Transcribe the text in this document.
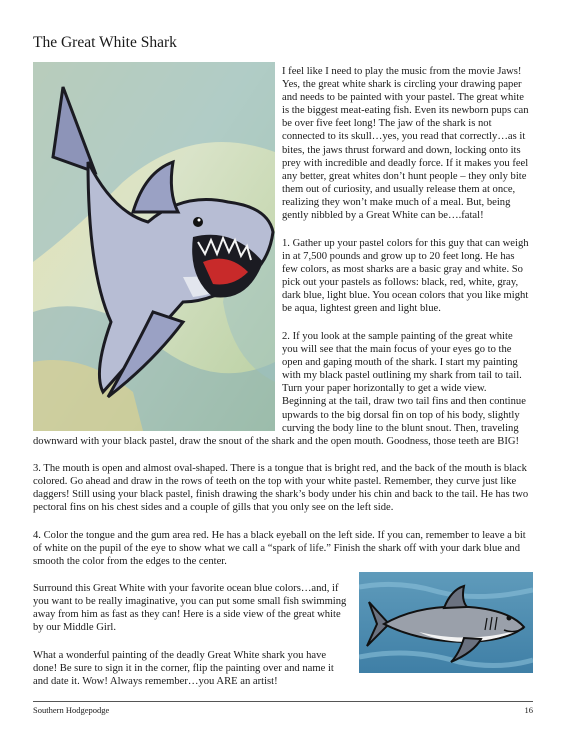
The Great White Shark

I feel like I need to play the music from the movie Jaws! Yes, the great white shark is circling your drawing paper and needs to be painted with your pastel. The great white is the biggest meat-eating fish. Even its newborn pups can be over five feet long! The jaw of the shark is not connected to its skull…yes, you read that correctly…as it bites, the jaws thrust forward and down, locking onto its prey with incredible and deadly force. If it makes you feel any better, great whites don’t hunt people – they only bite them out of curiosity, and usually release them at once, realizing they won’t make much of a meal. But, being gently nibbled by a Great White can be….fatal!

1. Gather up your pastel colors for this guy that can weigh in at 7,500 pounds and grow up to 20 feet long. He has few colors, as most sharks are a basic gray and white. So pick out your pastels as follows: black, red, white, gray, dark blue, light blue. You ocean colors that you like might be aqua, lightest green and light blue.

2. If you look at the sample painting of the great white you will see that the main focus of your eyes go to the open and gaping mouth of the shark. I start my painting with my black pastel outlining my shark from tail to tail. Turn your paper horizontally to get a wide view. Beginning at the tail, draw two tail fins and then continue upwards to the big dorsal fin on top of his body, slightly curving the body line to the blunt snout. Then, traveling

downward with your black pastel, draw the snout of the shark and the open mouth. Goodness, those teeth are BIG!

3. The mouth is open and almost oval-shaped. There is a tongue that is bright red, and the back of the mouth is black colored. Go ahead and draw in the rows of teeth on the top with your white pastel. Remember, they curve just like daggers! Still using your black pastel, finish drawing the shark’s body under his chin and back to the tail. He has two pectoral fins on his chest sides and a couple of gills that you only see on the left side.

4. Color the tongue and the gum area red. He has a black eyeball on the left side. If you can, remember to leave a bit of white on the pupil of the eye to show what we call a “spark of life.” Finish the shark off with your dark blue and smooth the color from the edges to the center.

Surround this Great White with your favorite ocean blue colors…and, if you want to be really imaginative, you can put some small fish swimming away from him as fast as they can! Here is a side view of the great white by our Middle Girl.

What a wonderful painting of the deadly Great White shark you have done! Be sure to sign it in the corner, flip the painting over and name it and date it. Wow! Always remember…you ARE an artist!

Southern Hodgepodge	16
